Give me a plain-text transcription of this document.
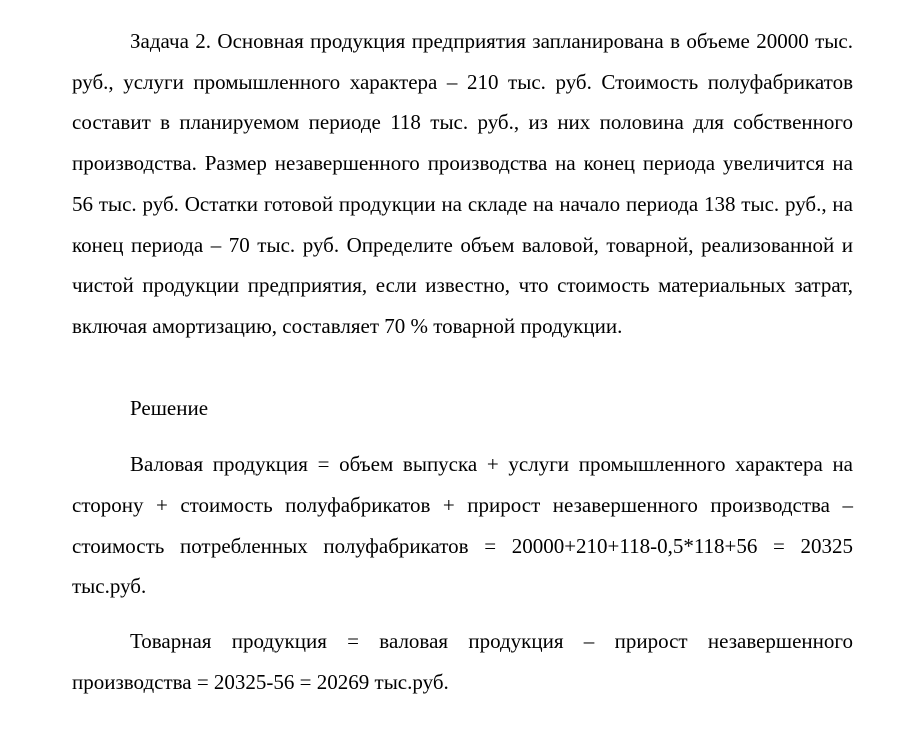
Задача 2. Основная продукция предприятия запланирована в объеме 20000 тыс. руб., услуги промышленного характера – 210 тыс. руб. Стоимость полуфабрикатов составит в планируемом периоде 118 тыс. руб., из них половина для собственного производства. Размер незавершенного производства на конец периода увеличится на 56 тыс. руб. Остатки готовой продукции на складе на начало периода 138 тыс. руб., на конец периода – 70 тыс. руб. Определите объем валовой, товарной, реализованной и чистой продукции предприятия, если известно, что стоимость материальных затрат, включая амортизацию, составляет 70 % товарной продукции.

Решение

Валовая продукция = объем выпуска + услуги промышленного характера на сторону + стоимость полуфабрикатов + прирост незавершенного производства – стоимость потребленных полуфабрикатов = 20000+210+118-0,5*118+56 = 20325 тыс.руб.

Товарная продукция = валовая продукция – прирост незавершенного производства = 20325-56 = 20269 тыс.руб.
